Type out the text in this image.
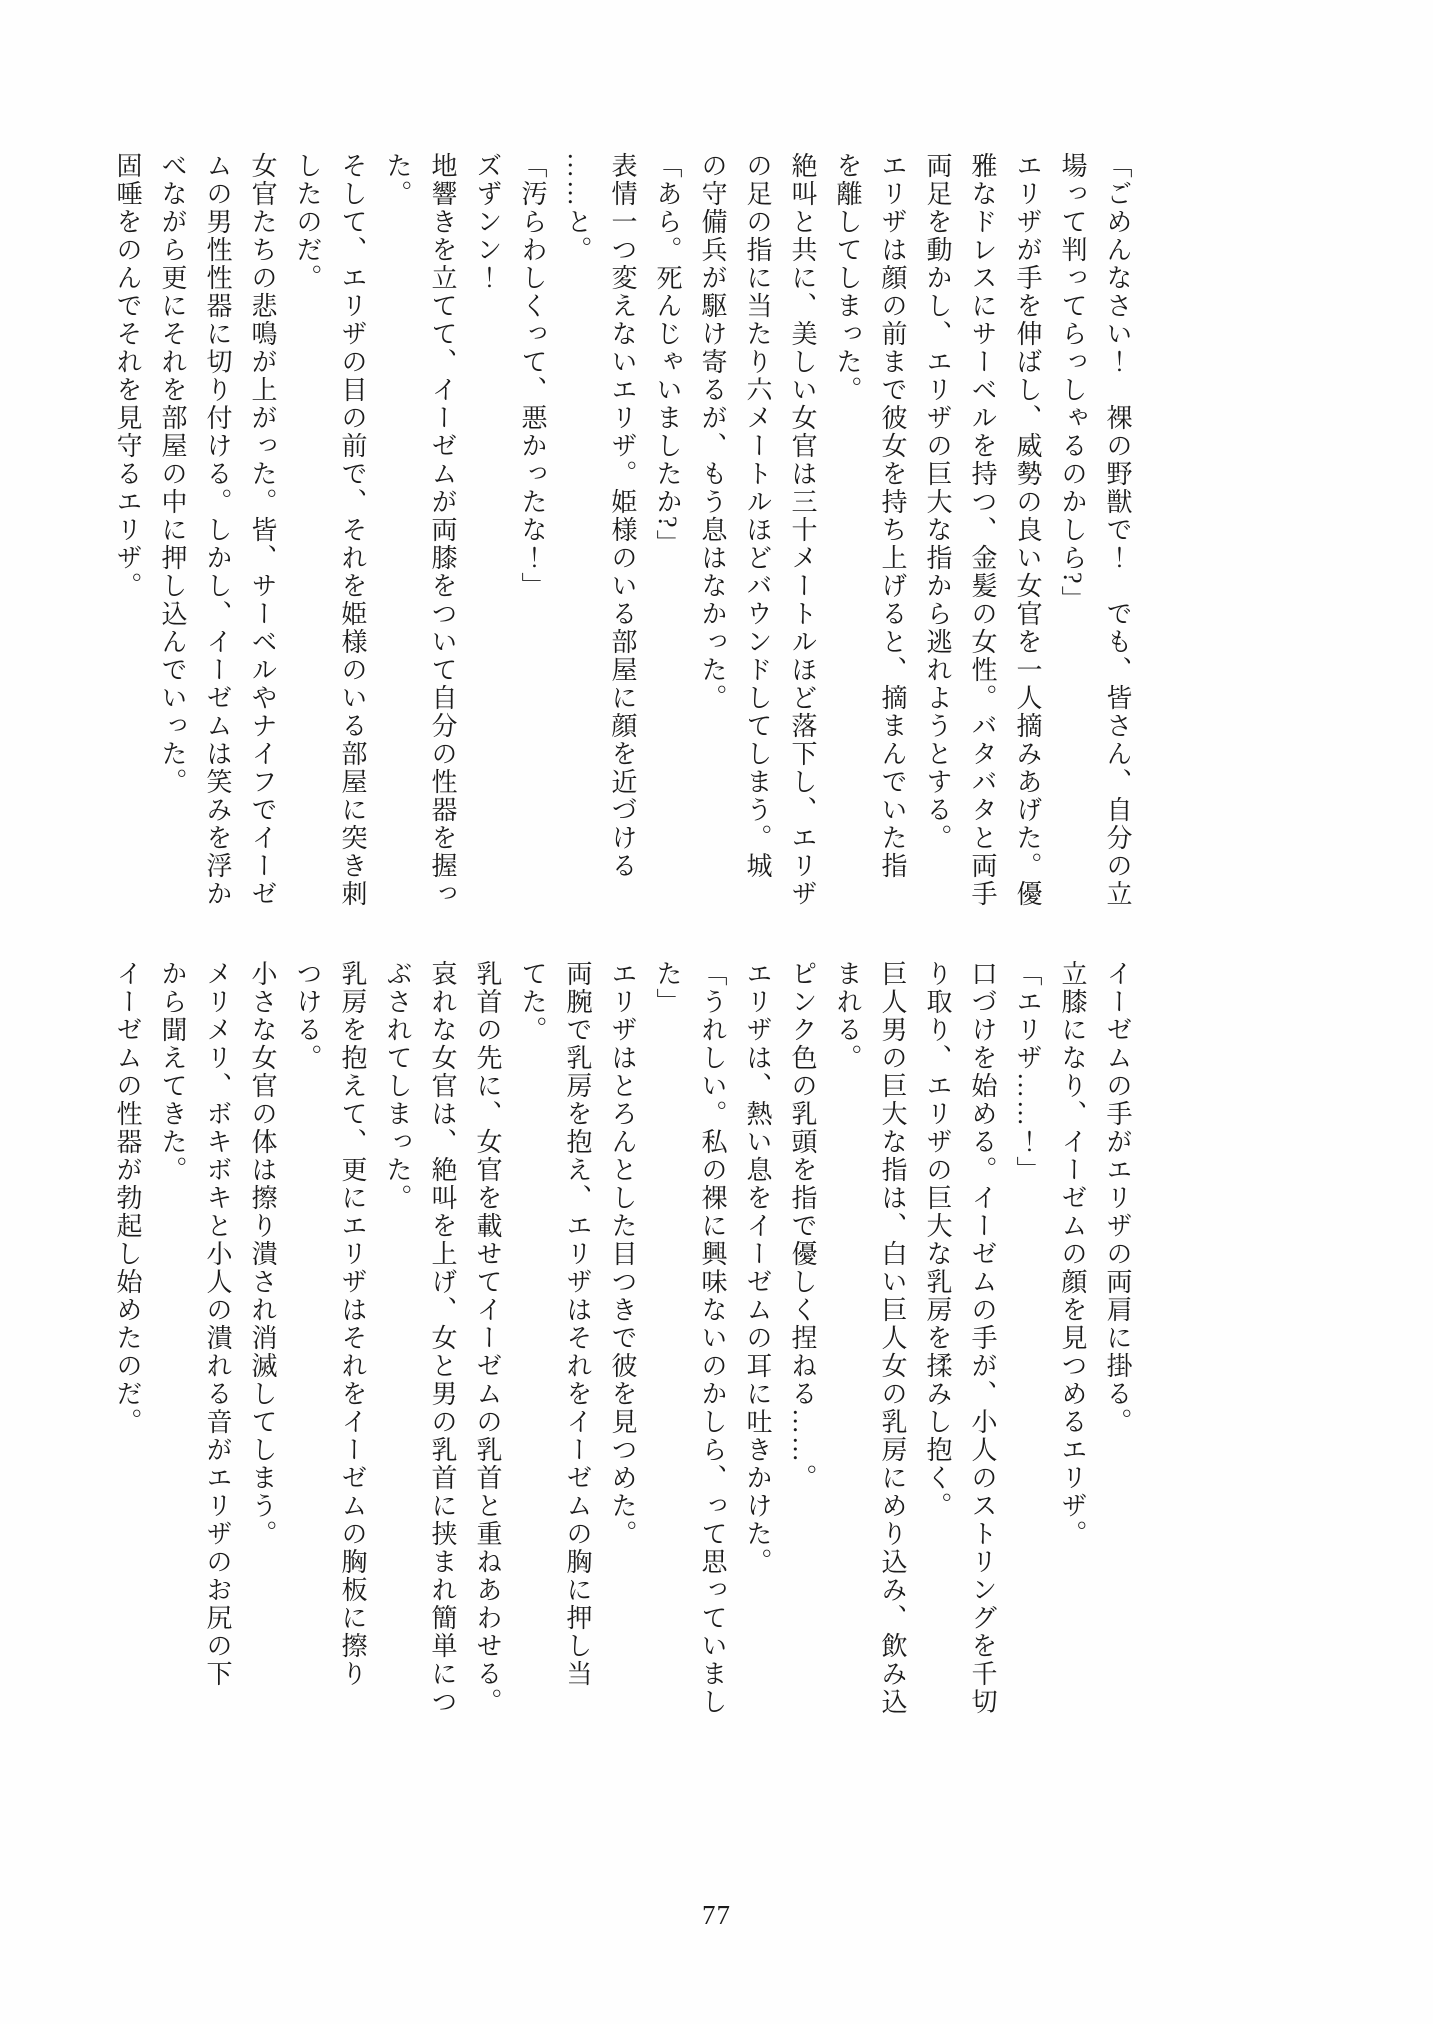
「ごめんなさい！　裸の野獣で！　でも、皆さん、自分の立
場って判ってらっしゃるのかしら?」
エリザが手を伸ばし、威勢の良い女官を一人摘みあげた。優
雅なドレスにサーベルを持つ、金髪の女性。バタバタと両手
両足を動かし、エリザの巨大な指から逃れようとする。
エリザは顔の前まで彼女を持ち上げると、摘まんでいた指
を離してしまった。
絶叫と共に、美しい女官は三十メートルほど落下し、エリザ
の足の指に当たり六メートルほどバウンドしてしまう。城
の守備兵が駆け寄るが、もう息はなかった。
「あら。死んじゃいましたか?」
表情一つ変えないエリザ。姫様のいる部屋に顔を近づける
……と。
「汚らわしくって、悪かったな！」
ズずンン！
地響きを立てて、イーゼムが両膝をついて自分の性器を握っ
た。
そして、エリザの目の前で、それを姫様のいる部屋に突き刺
したのだ。
女官たちの悲鳴が上がった。皆、サーベルやナイフでイーゼ
ムの男性性器に切り付ける。しかし、イーゼムは笑みを浮か
べながら更にそれを部屋の中に押し込んでいった。
固唾をのんでそれを見守るエリザ。
イーゼムの手がエリザの両肩に掛る。
立膝になり、イーゼムの顔を見つめるエリザ。
「エリザ……！」
口づけを始める。イーゼムの手が、小人のストリングを千切
り取り、エリザの巨大な乳房を揉みし抱く。
巨人男の巨大な指は、白い巨人女の乳房にめり込み、飲み込
まれる。
ピンク色の乳頭を指で優しく捏ねる……。
エリザは、熱い息をイーゼムの耳に吐きかけた。
「うれしい。私の裸に興味ないのかしら、って思っていまし
た」
エリザはとろんとした目つきで彼を見つめた。
両腕で乳房を抱え、エリザはそれをイーゼムの胸に押し当
てた。
乳首の先に、女官を載せてイーゼムの乳首と重ねあわせる。
哀れな女官は、絶叫を上げ、女と男の乳首に挟まれ簡単につ
ぶされてしまった。
乳房を抱えて、更にエリザはそれをイーゼムの胸板に擦り
つける。
小さな女官の体は擦り潰され消滅してしまう。
メリメリ、ボキボキと小人の潰れる音がエリザのお尻の下
から聞えてきた。
イーゼムの性器が勃起し始めたのだ。
77
